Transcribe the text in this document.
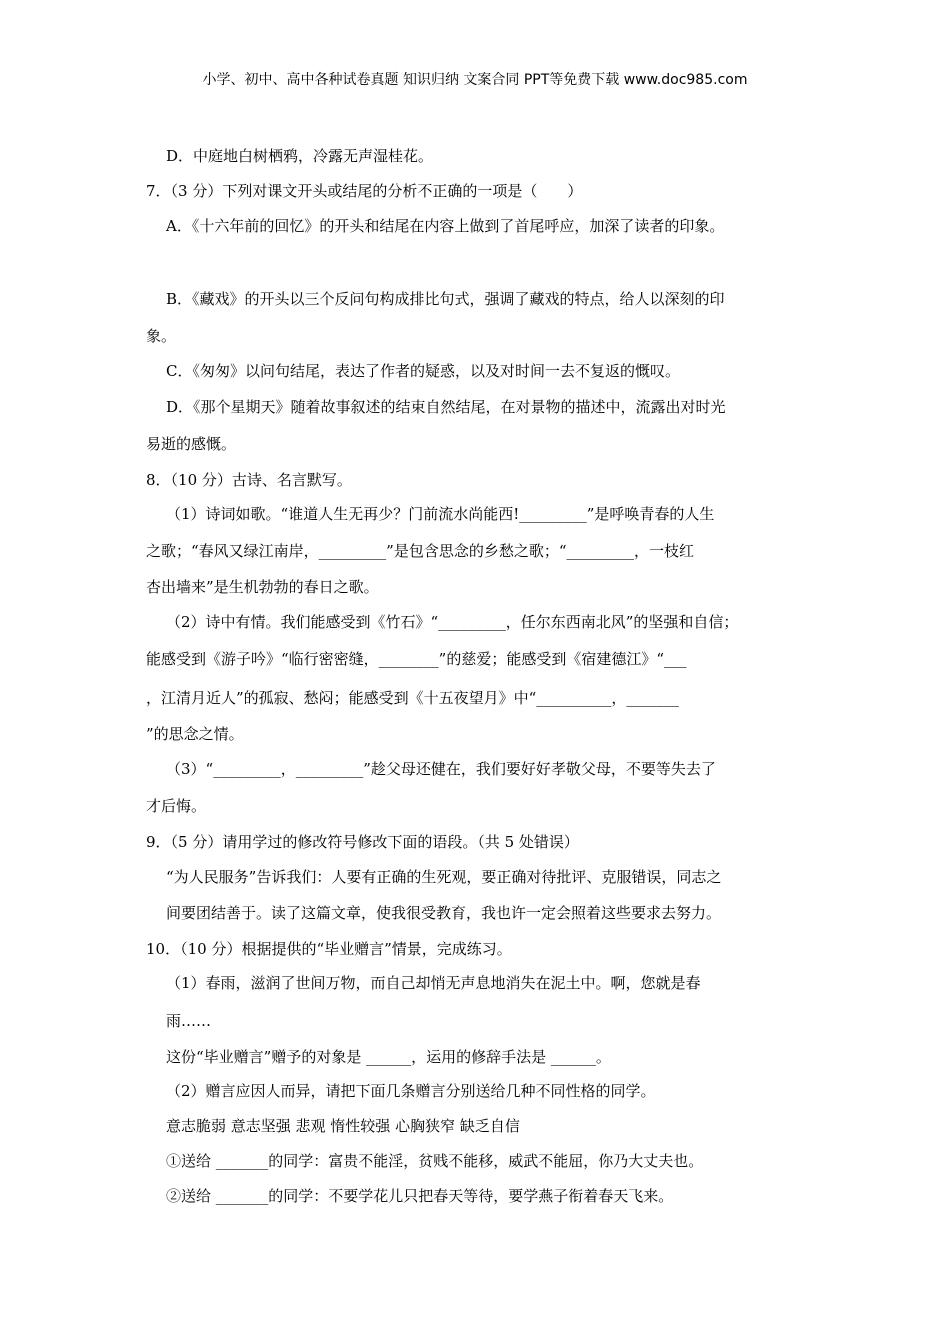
小学、初中、高中各种试卷真题 知识归纳 文案合同 PPT等免费下载 www.doc985.com
D．中庭地白树栖鸦，冷露无声湿桂花。
7．（3 分）下列对课文开头或结尾的分析不正确的一项是（　　）
A．《十六年前的回忆》的开头和结尾在内容上做到了首尾呼应，加深了读者的印象。
B．《藏戏》的开头以三个反问句构成排比句式，强调了藏戏的特点，给人以深刻的印
象。
C．《匆匆》以问句结尾，表达了作者的疑惑，以及对时间一去不复返的慨叹。
D．《那个星期天》随着故事叙述的结束自然结尾，在对景物的描述中，流露出对时光
易逝的感慨。
8．（10 分）古诗、名言默写。
（1）诗词如歌。“谁道人生无再少？门前流水尚能西!_________”是呼唤青春的人生
之歌；“春风又绿江南岸，_________”是包含思念的乡愁之歌；“_________，一枝红
杏出墙来”是生机勃勃的春日之歌。
（2）诗中有情。我们能感受到《竹石》“_________，任尔东西南北风”的坚强和自信；
能感受到《游子吟》“临行密密缝，________”的慈爱；能感受到《宿建德江》“___
，江清月近人”的孤寂、愁闷；能感受到《十五夜望月》中“__________，_______
”的思念之情。
（3）“_________，_________”趁父母还健在，我们要好好孝敬父母，不要等失去了
才后悔。
9．（5 分）请用学过的修改符号修改下面的语段。（共 5 处错误）
“为人民服务”告诉我们：人要有正确的生死观，要正确对待批评、克服错误，同志之
间要团结善于。读了这篇文章，使我很受教育，我也许一定会照着这些要求去努力。
10．（10 分）根据提供的“毕业赠言”情景，完成练习。
（1）春雨，滋润了世间万物，而自己却悄无声息地消失在泥土中。啊，您就是春
雨……
这份“毕业赠言”赠予的对象是 ______，运用的修辞手法是 ______。
（2）赠言应因人而异，请把下面几条赠言分别送给几种不同性格的同学。
意志脆弱 意志坚强 悲观 惰性较强 心胸狭窄 缺乏自信
①送给 _______的同学：富贵不能淫，贫贱不能移，威武不能屈，你乃大丈夫也。
②送给 _______的同学：不要学花儿只把春天等待，要学燕子衔着春天飞来。
